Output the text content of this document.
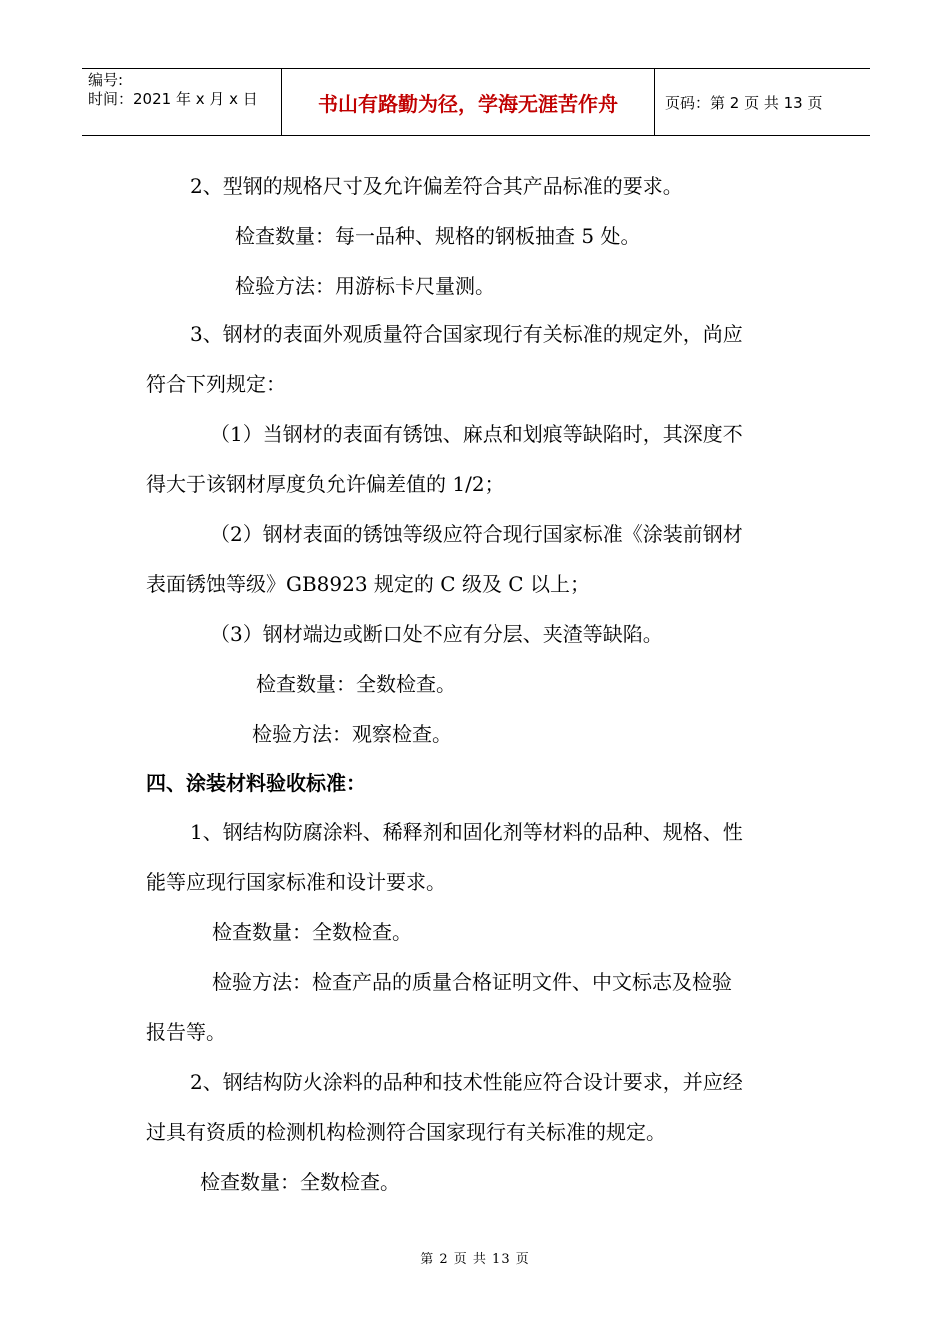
编号:
时间：2021 年 x 月 x 日	书山有路勤为径，学海无涯苦作舟	页码：第 2 页 共 13 页
2、型钢的规格尺寸及允许偏差符合其产品标准的要求。
检查数量：每一品种、规格的钢板抽查 5 处。
检验方法：用游标卡尺量测。
3、钢材的表面外观质量符合国家现行有关标准的规定外，尚应
符合下列规定：
（1）当钢材的表面有锈蚀、麻点和划痕等缺陷时，其深度不
得大于该钢材厚度负允许偏差值的 1/2；
（2）钢材表面的锈蚀等级应符合现行国家标准《涂装前钢材
表面锈蚀等级》GB8923 规定的 C 级及 C 以上；
（3）钢材端边或断口处不应有分层、夹渣等缺陷。
检查数量：全数检查。
检验方法：观察检查。
四、涂装材料验收标准：
1、钢结构防腐涂料、稀释剂和固化剂等材料的品种、规格、性
能等应现行国家标准和设计要求。
检查数量：全数检查。
检验方法：检查产品的质量合格证明文件、中文标志及检验
报告等。
2、钢结构防火涂料的品种和技术性能应符合设计要求，并应经
过具有资质的检测机构检测符合国家现行有关标准的规定。
检查数量：全数检查。
第 2 页 共 13 页
